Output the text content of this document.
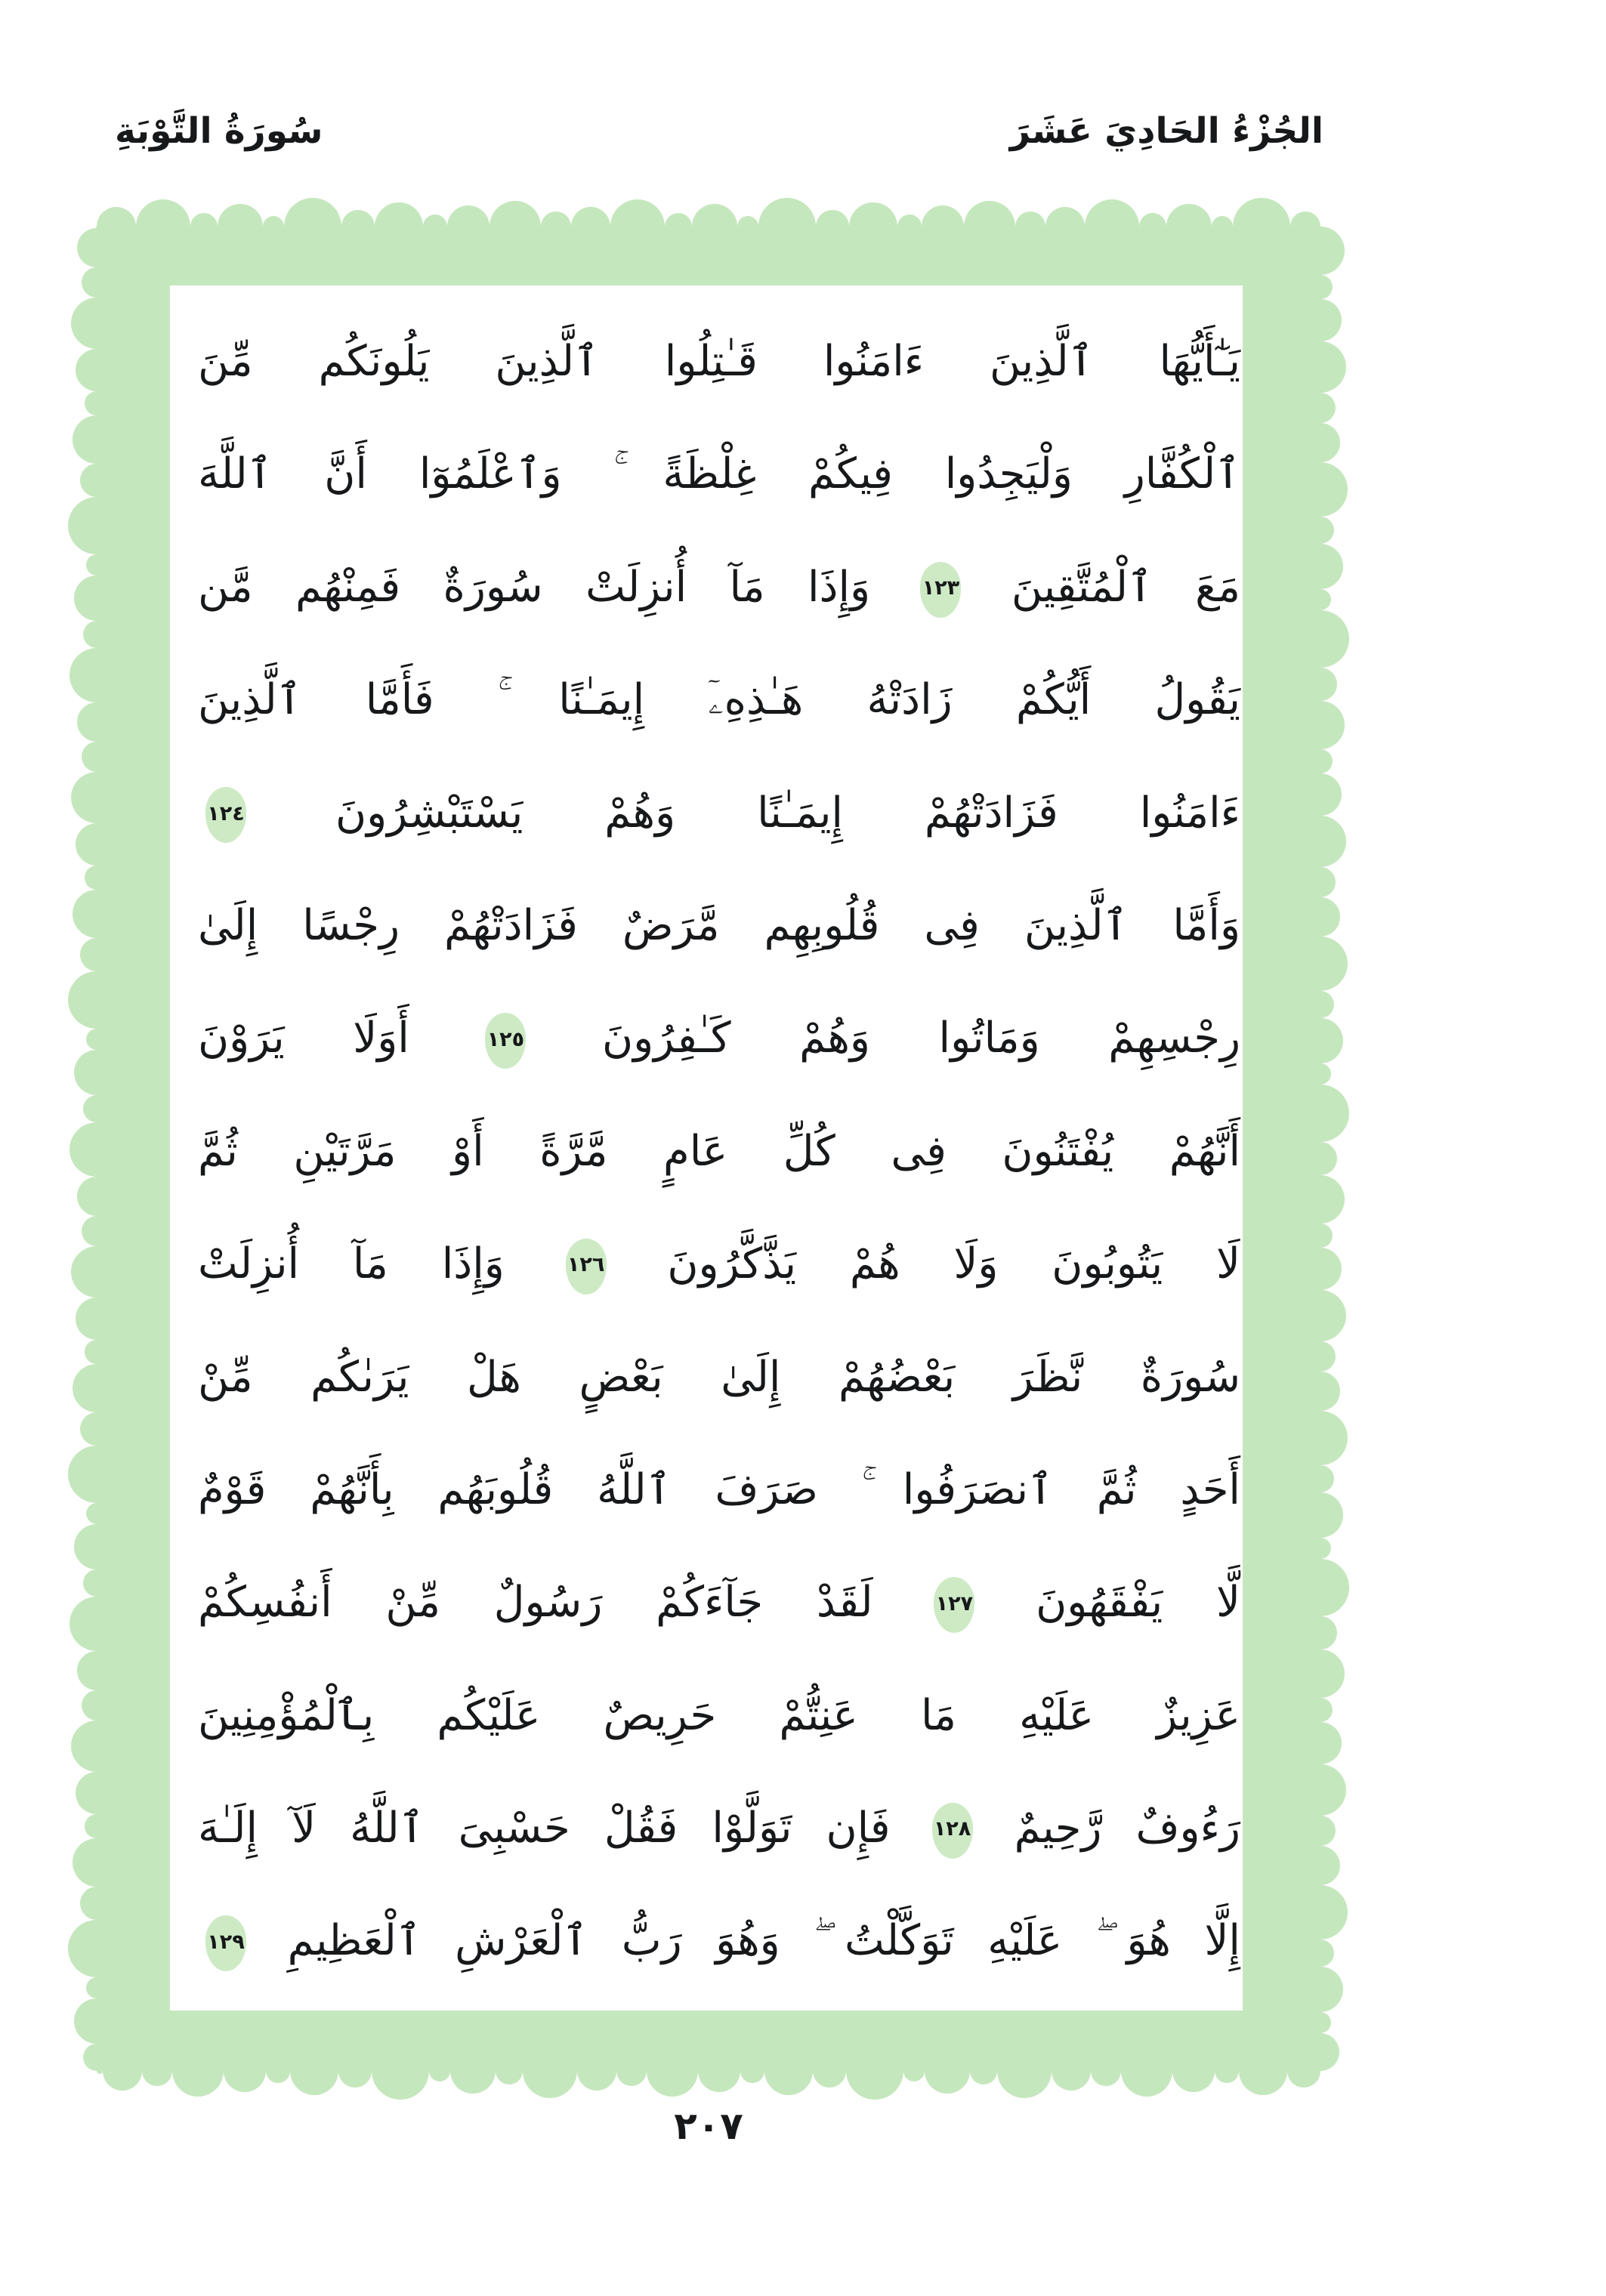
الجُزْءُ الحَادِيَ عَشَرَ
سُورَةُ التَّوْبَةِ
يَـٰٓأَيُّهَا ٱلَّذِينَ ءَامَنُوا قَـٰتِلُوا ٱلَّذِينَ يَلُونَكُم مِّنَ
ٱلْكُفَّارِ وَلْيَجِدُوا فِيكُمْ غِلْظَةً ۚ وَٱعْلَمُوٓا أَنَّ ٱللَّهَ
مَعَ ٱلْمُتَّقِينَ
١٢٣
وَإِذَا مَآ أُنزِلَتْ سُورَةٌ فَمِنْهُم مَّن
يَقُولُ أَيُّكُمْ زَادَتْهُ هَـٰذِهِۦٓ إِيمَـٰنًا ۚ فَأَمَّا ٱلَّذِينَ
ءَامَنُوا فَزَادَتْهُمْ إِيمَـٰنًا وَهُمْ يَسْتَبْشِرُونَ
١٢٤
وَأَمَّا ٱلَّذِينَ فِى قُلُوبِهِم مَّرَضٌ فَزَادَتْهُمْ رِجْسًا إِلَىٰ
رِجْسِهِمْ وَمَاتُوا وَهُمْ كَـٰفِرُونَ
١٢٥
أَوَلَا يَرَوْنَ
أَنَّهُمْ يُفْتَنُونَ فِى كُلِّ عَامٍ مَّرَّةً أَوْ مَرَّتَيْنِ ثُمَّ
لَا يَتُوبُونَ وَلَا هُمْ يَذَّكَّرُونَ
١٢٦
وَإِذَا مَآ أُنزِلَتْ
سُورَةٌ نَّظَرَ بَعْضُهُمْ إِلَىٰ بَعْضٍ هَلْ يَرَىٰكُم مِّنْ
أَحَدٍ ثُمَّ ٱنصَرَفُوا ۚ صَرَفَ ٱللَّهُ قُلُوبَهُم بِأَنَّهُمْ قَوْمٌ
لَّا يَفْقَهُونَ
١٢٧
لَقَدْ جَآءَكُمْ رَسُولٌ مِّنْ أَنفُسِكُمْ
عَزِيزٌ عَلَيْهِ مَا عَنِتُّمْ حَرِيصٌ عَلَيْكُم بِٱلْمُؤْمِنِينَ
رَءُوفٌ رَّحِيمٌ
١٢٨
فَإِن تَوَلَّوْا فَقُلْ حَسْبِىَ ٱللَّهُ لَآ إِلَـٰهَ
إِلَّا هُوَ ۖ عَلَيْهِ تَوَكَّلْتُ ۖ وَهُوَ رَبُّ ٱلْعَرْشِ ٱلْعَظِيمِ
١٢٩
٢٠٧
